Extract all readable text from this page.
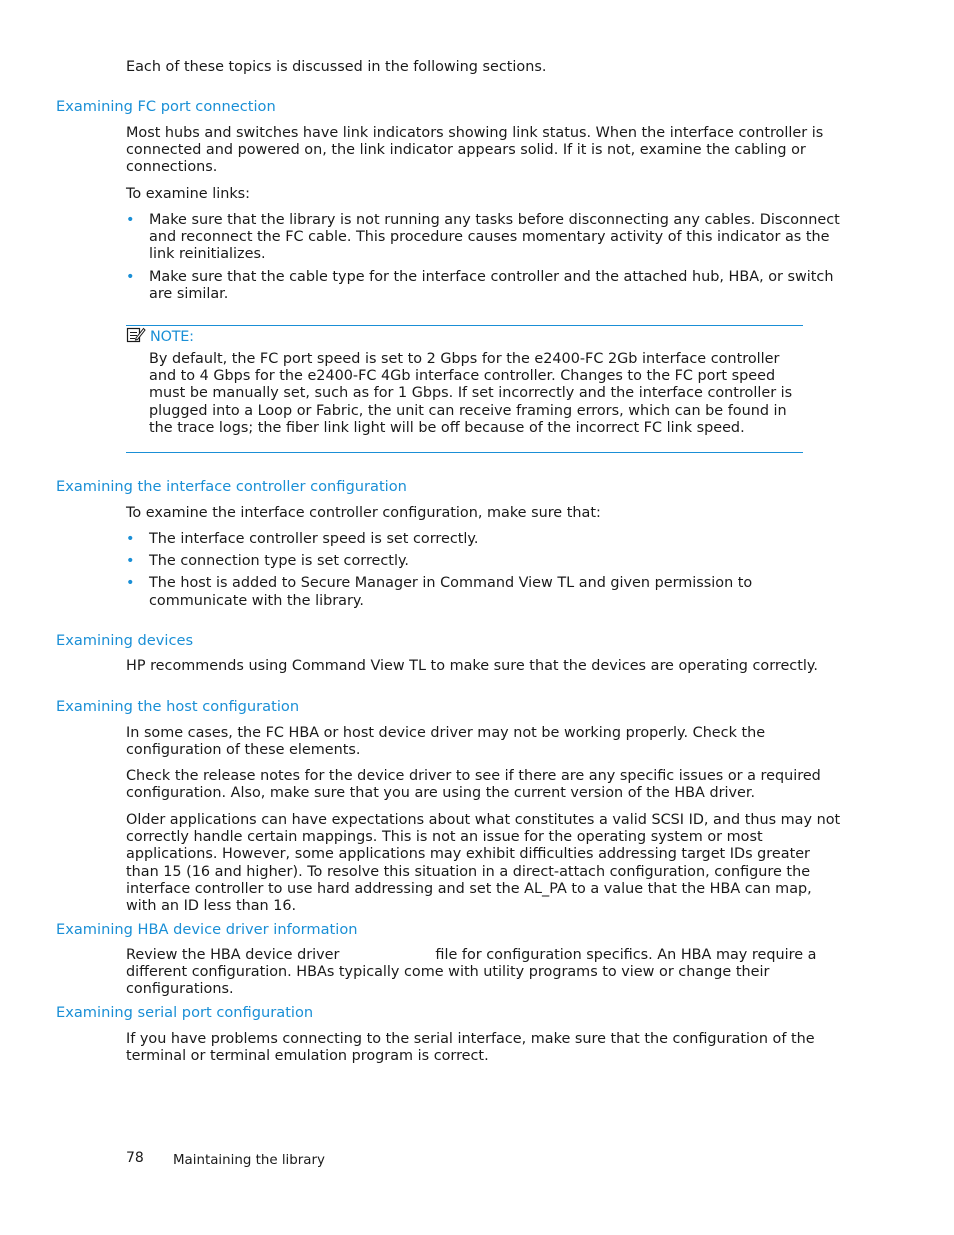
Each of these topics is discussed in the following sections.

Examining FC port connection

Most hubs and switches have link indicators showing link status. When the interface controller is connected and powered on, the link indicator appears solid. If it is not, examine the cabling or connections.

To examine links:

• Make sure that the library is not running any tasks before disconnecting any cables. Disconnect and reconnect the FC cable. This procedure causes momentary activity of this indicator as the link reinitializes.
• Make sure that the cable type for the interface controller and the attached hub, HBA, or switch are similar.
NOTE:

By default, the FC port speed is set to 2 Gbps for the e2400-FC 2Gb interface controller and to 4 Gbps for the e2400-FC 4Gb interface controller. Changes to the FC port speed must be manually set, such as for 1 Gbps. If set incorrectly and the interface controller is plugged into a Loop or Fabric, the unit can receive framing errors, which can be found in the trace logs; the fiber link light will be off because of the incorrect FC link speed.

Examining the interface controller configuration

To examine the interface controller configuration, make sure that:

• The interface controller speed is set correctly.
• The connection type is set correctly.
• The host is added to Secure Manager in Command View TL and given permission to communicate with the library.
Examining devices

HP recommends using Command View TL to make sure that the devices are operating correctly.

Examining the host configuration

In some cases, the FC HBA or host device driver may not be working properly. Check the configuration of these elements.

Check the release notes for the device driver to see if there are any specific issues or a required configuration. Also, make sure that you are using the current version of the HBA driver.

Older applications can have expectations about what constitutes a valid SCSI ID, and thus may not correctly handle certain mappings. This is not an issue for the operating system or most applications. However, some applications may exhibit difficulties addressing target IDs greater than 15 (16 and higher). To resolve this situation in a direct-attach configuration, configure the interface controller to use hard addressing and set the AL_PA to a value that the HBA can map, with an ID less than 16.

Examining HBA device driver information

Review the HBA device driver	file for configuration specifics. An HBA may require a different configuration. HBAs typically come with utility programs to view or change their configurations.

Examining serial port configuration

If you have problems connecting to the serial interface, make sure that the configuration of the terminal or terminal emulation program is correct.

78 Maintaining the library
